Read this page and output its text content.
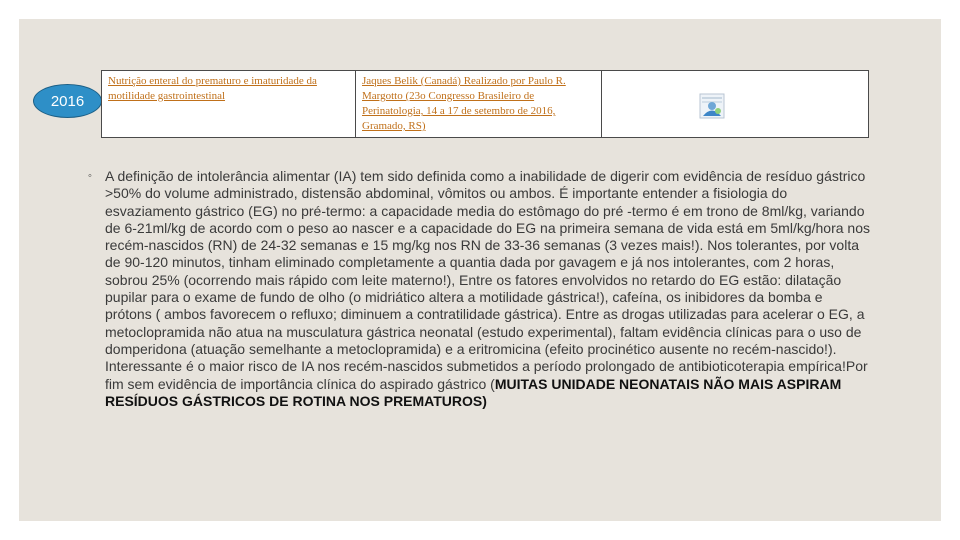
2016
Nutrição enteral do prematuro e imaturidade da motilidade gastrointestinal	Jaques Belik (Canadá) Realizado por Paulo R. Margotto (23o Congresso Brasileiro de Perinatologia, 14 a 17 de setembro de 2016, Gramado, RS)	
◦ A definição de intolerância alimentar (IA) tem sido definida como a inabilidade de digerir com evidência de resíduo gástrico >50% do volume administrado, distensão abdominal, vômitos ou ambos. É importante entender a fisiologia do esvaziamento gástrico (EG) no pré-termo: a capacidade media do estômago do pré -termo é em trono de 8ml/kg, variando de 6-21ml/kg de acordo com o peso ao nascer e a capacidade do EG na primeira semana de vida está em 5ml/kg/hora nos recém-nascidos (RN) de 24-32 semanas e 15 mg/kg nos RN de 33-36 semanas (3 vezes mais!). Nos tolerantes, por volta de 90-120 minutos, tinham eliminado completamente a quantia dada por gavagem e já nos intolerantes, com 2 horas, sobrou 25% (ocorrendo mais rápido com leite materno!), Entre os fatores envolvidos no retardo do EG estão: dilatação pupilar para o exame de fundo de olho (o midriático altera a motilidade gástrica!), cafeína, os inibidores da bomba e prótons ( ambos favorecem o refluxo; diminuem a contratilidade gástrica). Entre as drogas utilizadas para acelerar o EG, a metoclopramida não atua na musculatura gástrica neonatal (estudo experimental), faltam evidência clínicas para o uso de domperidona (atuação semelhante a metoclopramida) e a eritromicina (efeito procinético ausente no recém-nascido!). Interessante é o maior risco de IA nos recém-nascidos submetidos a período prolongado de antibioticoterapia empírica!Por fim sem evidência de importância clínica do aspirado gástrico (MUITAS UNIDADE NEONATAIS NÃO MAIS ASPIRAM RESÍDUOS GÁSTRICOS DE ROTINA NOS PREMATUROS)
